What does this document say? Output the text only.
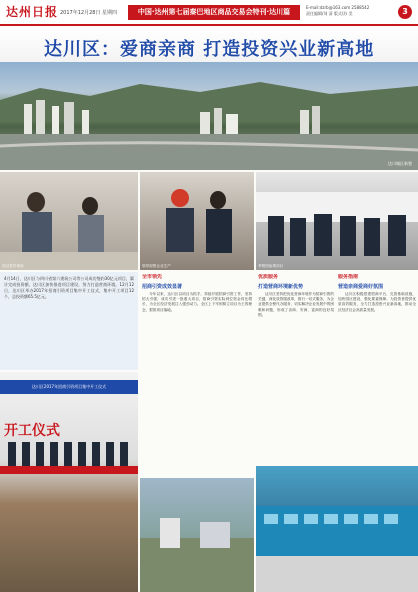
达州日报 2017年12月28日 星期四	中国·达州第七届秦巴地区商品交易会特刊·达川篇
E-mail:dzrb@163.com 2588542
责任编辑/刘 清 版式/苏 美	3
达川区：爱商亲商 打造投资兴业新高地
达川城区新貌
项目签约现场	领导视察企业生产	考察团参观项目
4月14日，达川区与四川省第六建筑公司等公司成功签约30亿元项目，累计完成投资额，达川区加快推进项目建设，努力打造营商环境。12月12日，达川区举办2017年招商引资项目集中开工仪式，集中开工项目12个，总投资额65.5亿元。
全市领先
招商引资成效显著

今年以来，达川区以项目为抓手，持续开展招商引资工作，坚持招大引强，成功引进一批重大项目，招商引资实际到位资金同比增长，为全区经济发展注入强劲动力。全区上下牢固树立项目为王的理念，狠抓项目落地。

优质服务
打造营商环境新优势

达川区坚持把优化营商环境作为招商引资的关键，深化放管服改革，推行一站式服务，为企业提供全程代办服务，切实解决企业发展中的困难和问题，形成了亲商、安商、富商的良好氛围。

服务指南
营造亲商爱商好氛围

达川区积极搭建招商平台，完善基础设施，加快园区建设，强化要素保障，为投资者提供优质高效服务，全力打造投资兴业新高地，推动全区经济社会高质量发展。

达川区2017年招商引资项目集中开工仪式
开工仪式
